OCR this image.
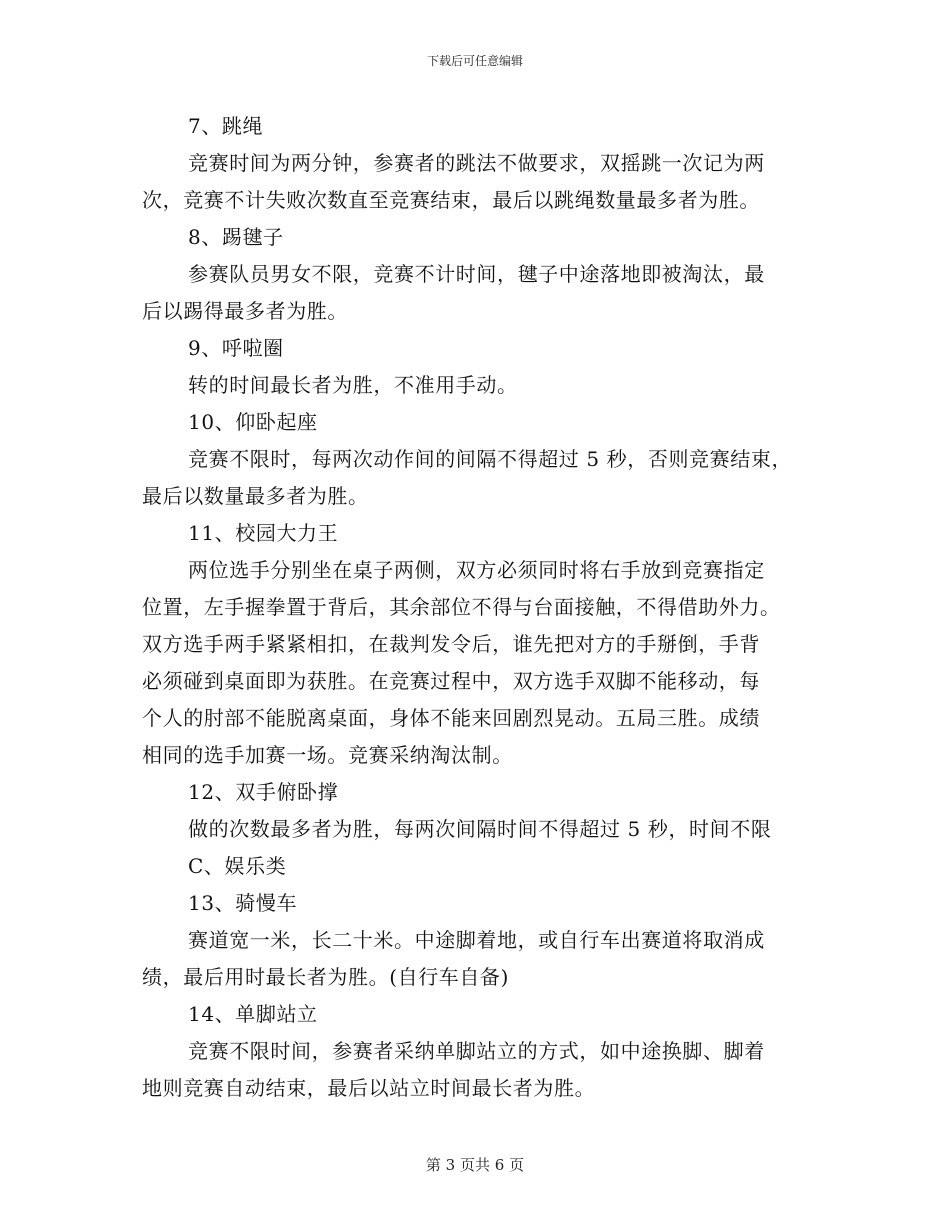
下载后可任意编辑
7、跳绳
竞赛时间为两分钟，参赛者的跳法不做要求，双摇跳一次记为两
次，竞赛不计失败次数直至竞赛结束，最后以跳绳数量最多者为胜。
8、踢毽子
参赛队员男女不限，竞赛不计时间，毽子中途落地即被淘汰，最
后以踢得最多者为胜。
9、呼啦圈
转的时间最长者为胜，不准用手动。
10、仰卧起座
竞赛不限时，每两次动作间的间隔不得超过 5 秒，否则竞赛结束，
最后以数量最多者为胜。
11、校园大力王
两位选手分别坐在桌子两侧，双方必须同时将右手放到竞赛指定
位置，左手握拳置于背后，其余部位不得与台面接触，不得借助外力。
双方选手两手紧紧相扣，在裁判发令后，谁先把对方的手掰倒，手背
必须碰到桌面即为获胜。在竞赛过程中，双方选手双脚不能移动，每
个人的肘部不能脱离桌面，身体不能来回剧烈晃动。五局三胜。成绩
相同的选手加赛一场。竞赛采纳淘汰制。
12、双手俯卧撑
做的次数最多者为胜，每两次间隔时间不得超过 5 秒，时间不限
C、娱乐类
13、骑慢车
赛道宽一米，长二十米。中途脚着地，或自行车出赛道将取消成
绩，最后用时最长者为胜。(自行车自备)
14、单脚站立
竞赛不限时间，参赛者采纳单脚站立的方式，如中途换脚、脚着
地则竞赛自动结束，最后以站立时间最长者为胜。
第 3 页共 6 页
